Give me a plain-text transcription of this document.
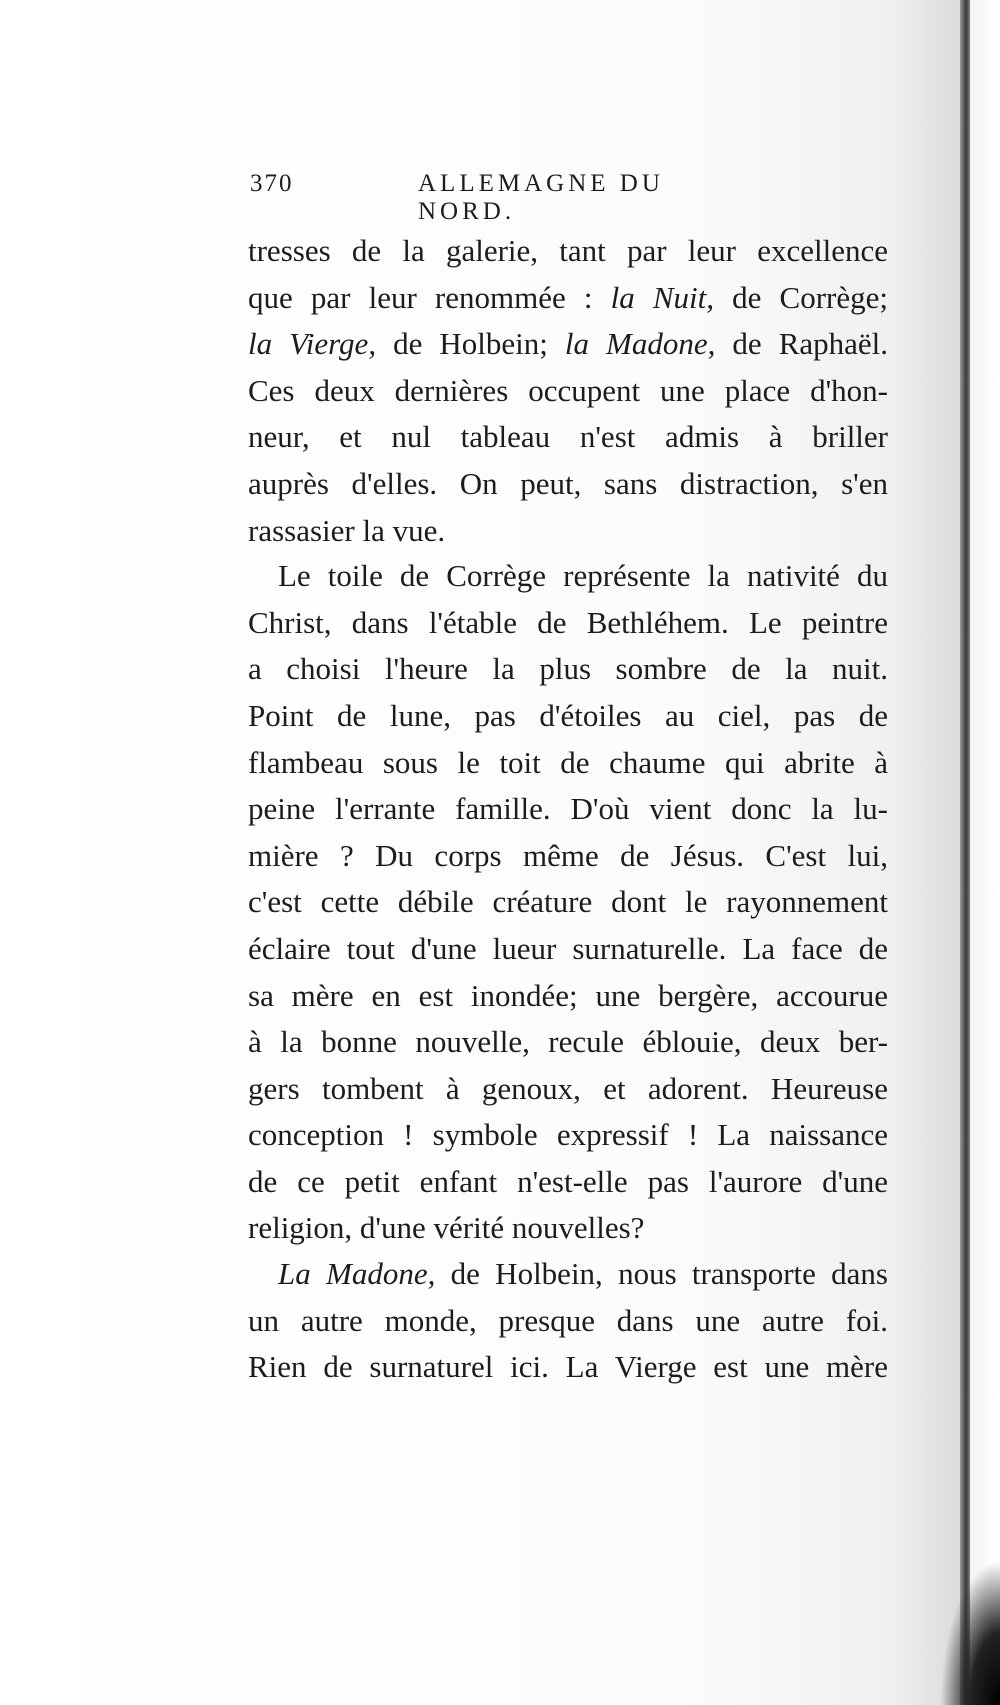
370	ALLEMAGNE DU NORD.
tresses de la galerie, tant par leur excellence
que par leur renommée : la Nuit, de Corrège;
la Vierge, de Holbein; la Madone, de Raphaël.
Ces deux dernières occupent une place d'hon-
neur, et nul tableau n'est admis à briller
auprès d'elles. On peut, sans distraction, s'en
rassasier la vue.
Le toile de Corrège représente la nativité du
Christ, dans l'étable de Bethléhem. Le peintre
a choisi l'heure la plus sombre de la nuit.
Point de lune, pas d'étoiles au ciel, pas de
flambeau sous le toit de chaume qui abrite à
peine l'errante famille. D'où vient donc la lu-
mière ? Du corps même de Jésus. C'est lui,
c'est cette débile créature dont le rayonnement
éclaire tout d'une lueur surnaturelle. La face de
sa mère en est inondée; une bergère, accourue
à la bonne nouvelle, recule éblouie, deux ber-
gers tombent à genoux, et adorent. Heureuse
conception ! symbole expressif ! La naissance
de ce petit enfant n'est-elle pas l'aurore d'une
religion, d'une vérité nouvelles?
La Madone, de Holbein, nous transporte dans
un autre monde, presque dans une autre foi.
Rien de surnaturel ici. La Vierge est une mère
